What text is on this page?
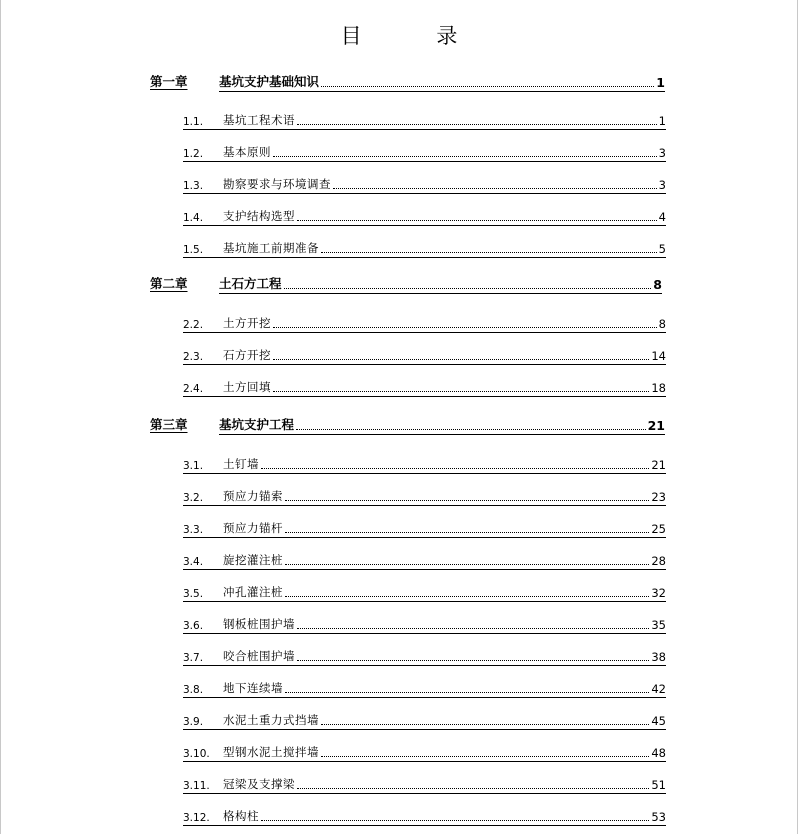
目 录
第一章	基坑支护基础知识	1
1.1.	基坑工程术语	1
1.2.	基本原则	3
1.3.	勘察要求与环境调查	3
1.4.	支护结构选型	4
1.5.	基坑施工前期准备	5
第二章	土石方工程	8
2.2.	土方开挖	8
2.3.	石方开挖	14
2.4.	土方回填	18
第三章	基坑支护工程	21
3.1.	土钉墙	21
3.2.	预应力锚索	23
3.3.	预应力锚杆	25
3.4.	旋挖灌注桩	28
3.5.	冲孔灌注桩	32
3.6.	钢板桩围护墙	35
3.7.	咬合桩围护墙	38
3.8.	地下连续墙	42
3.9.	水泥土重力式挡墙	45
3.10.	型钢水泥土搅拌墙	48
3.11.	冠梁及支撑梁	51
3.12.	格构柱	53
